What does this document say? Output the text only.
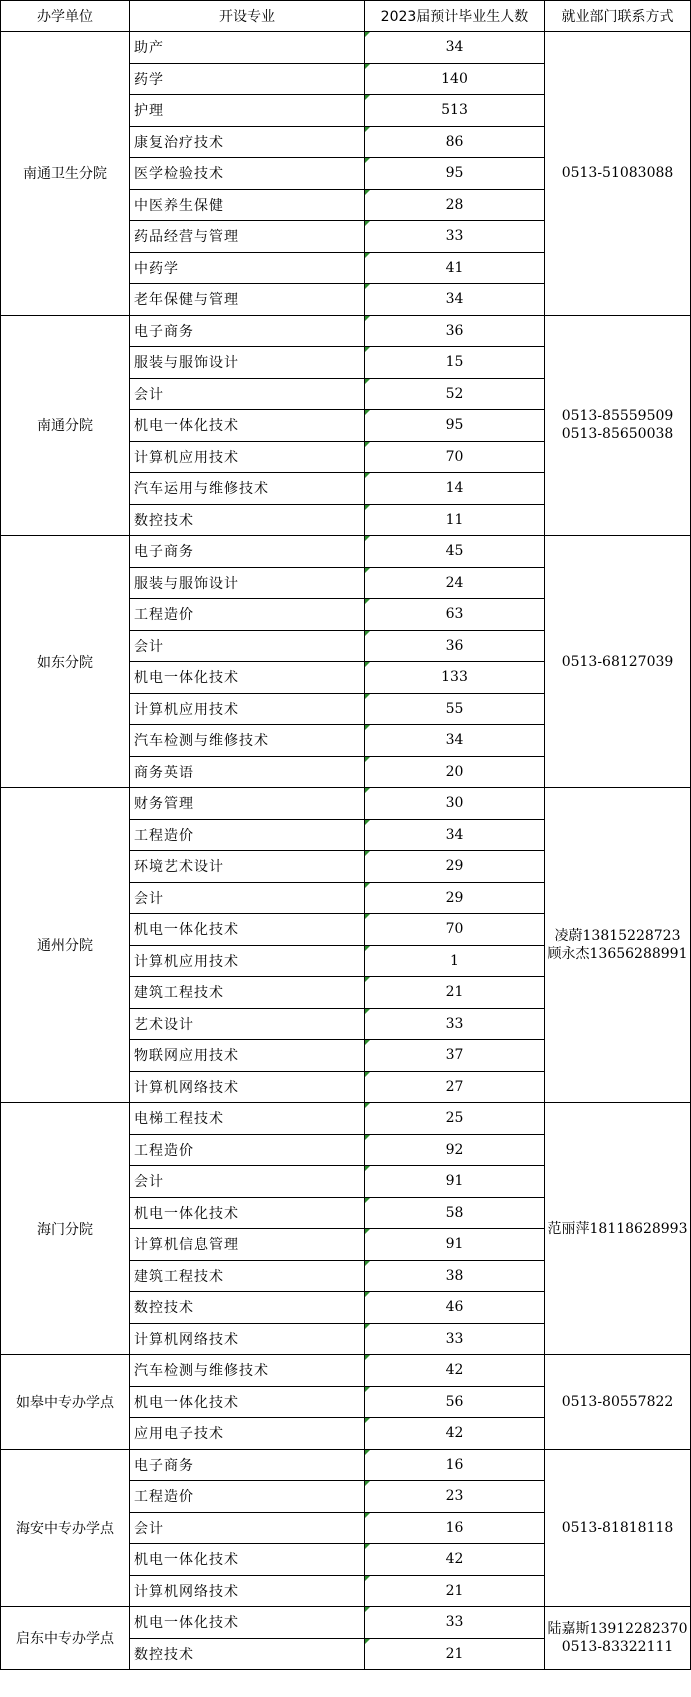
办学单位	开设专业	2023届预计毕业生人数	就业部门联系方式
南通卫生分院	助产	34	0513-51083088

	药学	140	
	护理	513	
	康复治疗技术	86	
	医学检验技术	95	
	中医养生保健	28	
	药品经营与管理	33	
	中药学	41	
	老年保健与管理	34	
南通分院	电子商务	36	0513-85559509
0513-85650038

	服装与服饰设计	15	
	会计	52	
	机电一体化技术	95	
	计算机应用技术	70	
	汽车运用与维修技术	14	
	数控技术	11	
如东分院	电子商务	45	0513-68127039

	服装与服饰设计	24	
	工程造价	63	
	会计	36	
	机电一体化技术	133	
	计算机应用技术	55	
	汽车检测与维修技术	34	
	商务英语	20	
通州分院	财务管理	30	凌蔚13815228723
顾永杰13656288991

	工程造价	34	
	环境艺术设计	29	
	会计	29	
	机电一体化技术	70	
	计算机应用技术	1	
	建筑工程技术	21	
	艺术设计	33	
	物联网应用技术	37	
	计算机网络技术	27	
海门分院	电梯工程技术	25	范丽萍18118628993

	工程造价	92	
	会计	91	
	机电一体化技术	58	
	计算机信息管理	91	
	建筑工程技术	38	
	数控技术	46	
	计算机网络技术	33	
如皋中专办学点	汽车检测与维修技术	42	0513-80557822

	机电一体化技术	56	
	应用电子技术	42	
海安中专办学点	电子商务	16	0513-81818118

	工程造价	23	
	会计	16	
	机电一体化技术	42	
	计算机网络技术	21	
启东中专办学点	机电一体化技术	33	陆嘉斯13912282370
0513-83322111

	数控技术	21	
